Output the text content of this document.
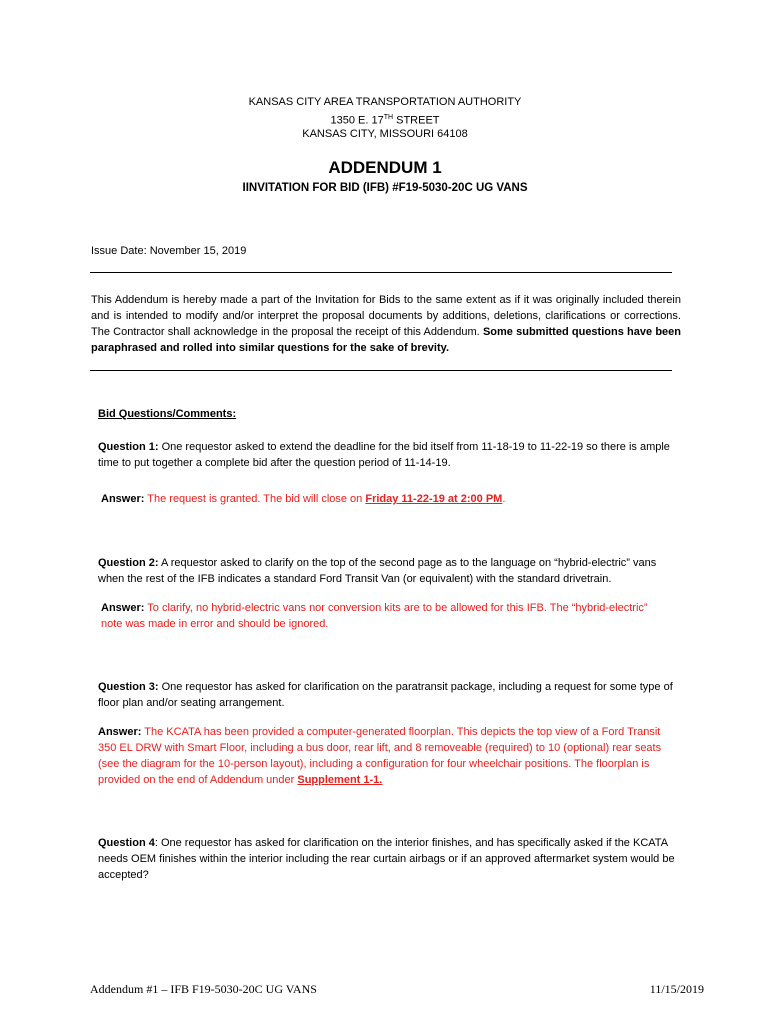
KANSAS CITY AREA TRANSPORTATION AUTHORITY
1350 E. 17TH STREET
KANSAS CITY, MISSOURI 64108
ADDENDUM 1
IINVITATION FOR BID (IFB) #F19-5030-20C UG VANS
Issue Date: November 15, 2019
This Addendum is hereby made a part of the Invitation for Bids to the same extent as if it was originally included therein and is intended to modify and/or interpret the proposal documents by additions, deletions, clarifications or corrections. The Contractor shall acknowledge in the proposal the receipt of this Addendum. Some submitted questions have been paraphrased and rolled into similar questions for the sake of brevity.
Bid Questions/Comments:
Question 1: One requestor asked to extend the deadline for the bid itself from 11-18-19 to 11-22-19 so there is ample time to put together a complete bid after the question period of 11-14-19.
Answer: The request is granted. The bid will close on Friday 11-22-19 at 2:00 PM.
Question 2: A requestor asked to clarify on the top of the second page as to the language on “hybrid-electric” vans when the rest of the IFB indicates a standard Ford Transit Van (or equivalent) with the standard drivetrain.
Answer: To clarify, no hybrid-electric vans nor conversion kits are to be allowed for this IFB. The “hybrid-electric” note was made in error and should be ignored.
Question 3: One requestor has asked for clarification on the paratransit package, including a request for some type of floor plan and/or seating arrangement.
Answer: The KCATA has been provided a computer-generated floorplan. This depicts the top view of a Ford Transit 350 EL DRW with Smart Floor, including a bus door, rear lift, and 8 removeable (required) to 10 (optional) rear seats (see the diagram for the 10-person layout), including a configuration for four wheelchair positions. The floorplan is provided on the end of Addendum under Supplement 1-1.
Question 4: One requestor has asked for clarification on the interior finishes, and has specifically asked if the KCATA needs OEM finishes within the interior including the rear curtain airbags or if an approved aftermarket system would be accepted?
Addendum #1 – IFB F19-5030-20C UG VANS	11/15/2019
